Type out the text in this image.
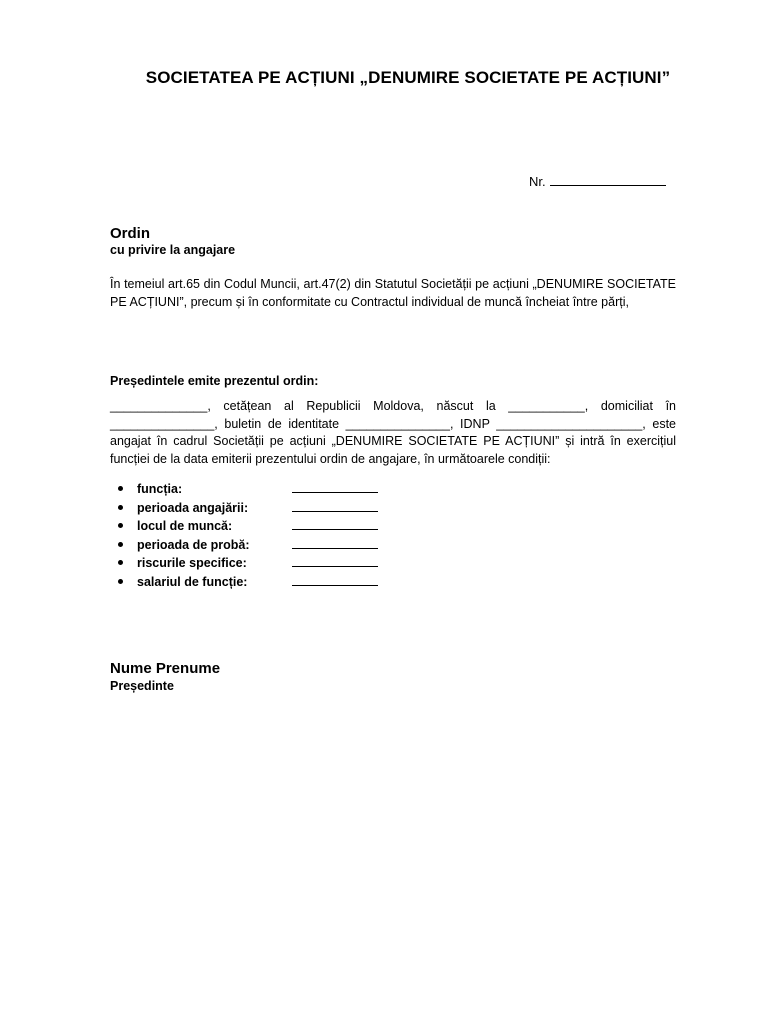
SOCIETATEA PE ACȚIUNI „DENUMIRE SOCIETATE PE ACȚIUNI”
Nr.
Ordin
cu privire la angajare
În temeiul art.65 din Codul Muncii, art.47(2) din Statutul Societății pe acțiuni „DENUMIRE SOCIETATE PE ACȚIUNI”, precum și în conformitate cu Contractul individual de muncă încheiat între părți,
Președintele emite prezentul ordin:
______________, cetățean al Republicii Moldova, născut la ___________, domiciliat în _______________, buletin de identitate _______________, IDNP _____________________, este angajat în cadrul Societății pe acțiuni „DENUMIRE SOCIETATE PE ACȚIUNI” și intră în exercițiul funcției de la data emiterii prezentului ordin de angajare, în următoarele condiții:
funcția:
perioada angajării:
locul de muncă:
perioada de probă:
riscurile specifice:
salariul de funcție:
Nume Prenume
Președinte
